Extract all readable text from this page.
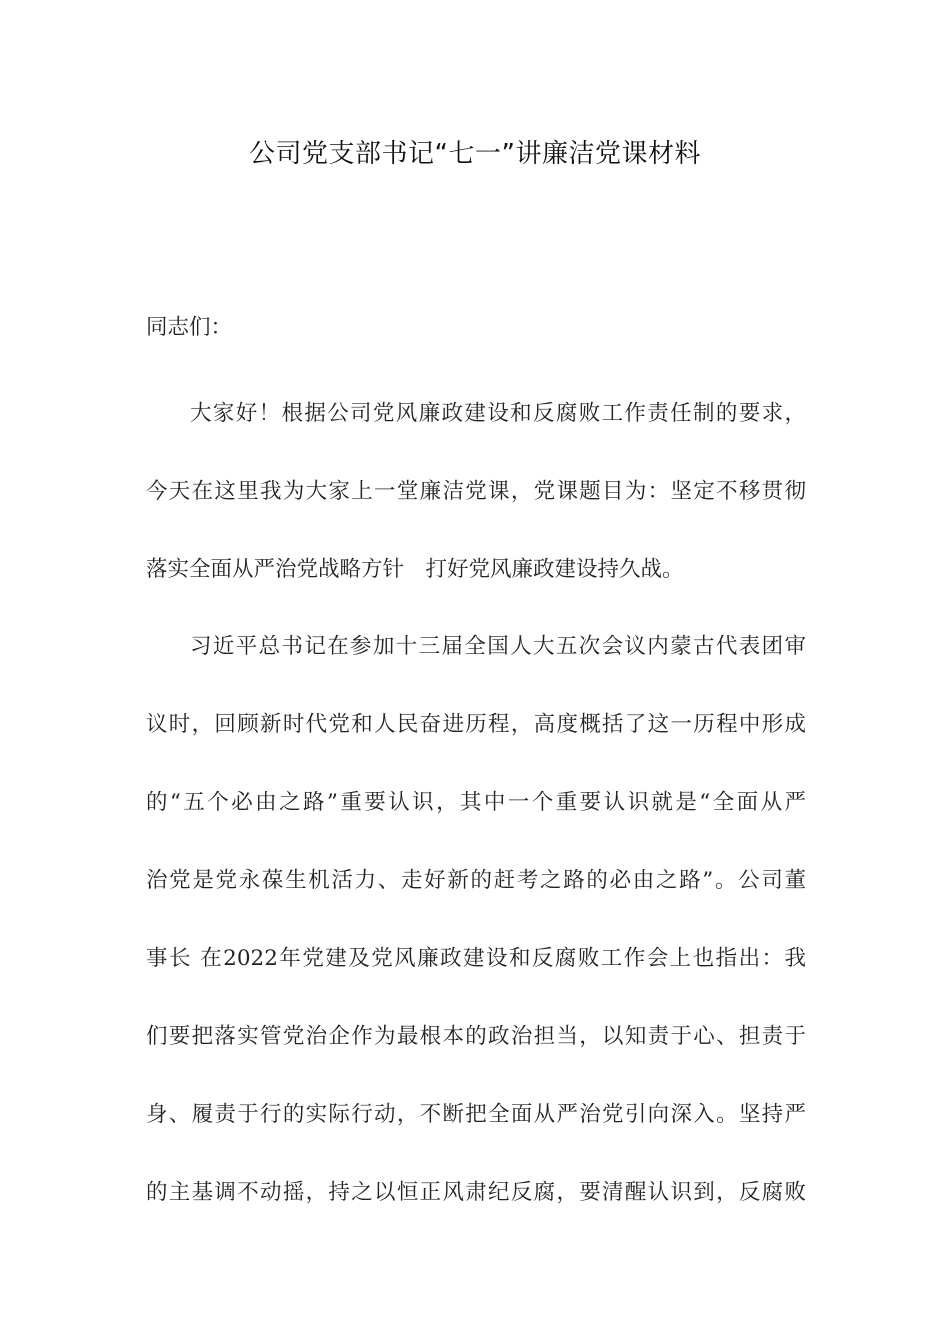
公司党支部书记“七一”讲廉洁党课材料
同志们：
大家好！根据公司党风廉政建设和反腐败工作责任制的要求，
今天在这里我为大家上一堂廉洁党课，党课题目为：坚定不移贯彻
落实全面从严治党战略方针　打好党风廉政建设持久战。
习近平总书记在参加十三届全国人大五次会议内蒙古代表团审
议时，回顾新时代党和人民奋进历程，高度概括了这一历程中形成
的“五个必由之路”重要认识，其中一个重要认识就是“全面从严
治党是党永葆生机活力、走好新的赶考之路的必由之路”。公司董
事长 在2022年党建及党风廉政建设和反腐败工作会上也指出：我
们要把落实管党治企作为最根本的政治担当，以知责于心、担责于
身、履责于行的实际行动，不断把全面从严治党引向深入。坚持严
的主基调不动摇，持之以恒正风肃纪反腐，要清醒认识到，反腐败
